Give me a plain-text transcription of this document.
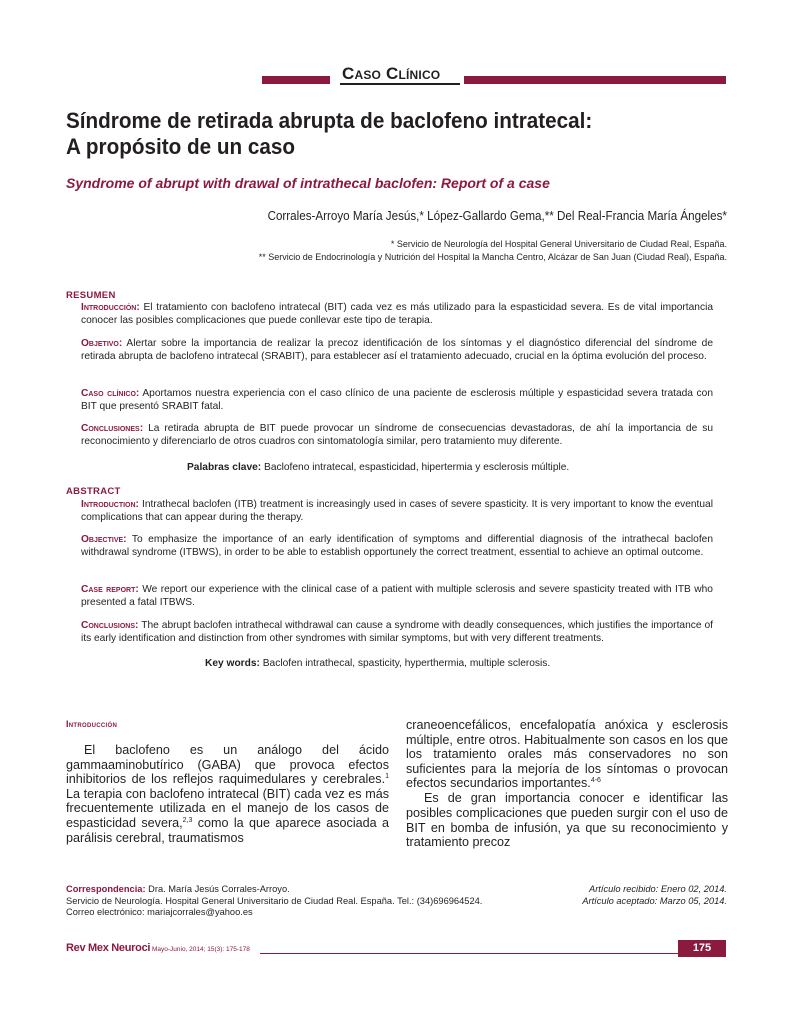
Caso Clínico
Síndrome de retirada abrupta de baclofeno intratecal:
A propósito de un caso
Syndrome of abrupt with drawal of intrathecal baclofen: Report of a case
Corrales-Arroyo María Jesús,* López-Gallardo Gema,** Del Real-Francia María Ángeles*
* Servicio de Neurología del Hospital General Universitario de Ciudad Real, España.
** Servicio de Endocrinología y Nutrición del Hospital la Mancha Centro, Alcázar de San Juan (Ciudad Real), España.
RESUMEN
Introducción: El tratamiento con baclofeno intratecal (BIT) cada vez es más utilizado para la espasticidad severa. Es de vital importancia conocer las posibles complicaciones que puede conllevar este tipo de terapia.
Objetivo: Alertar sobre la importancia de realizar la precoz identificación de los síntomas y el diagnóstico diferencial del síndrome de retirada abrupta de baclofeno intratecal (SRABIT), para establecer así el tratamiento adecuado, crucial en la óptima evolución del proceso.
Caso clínico: Aportamos nuestra experiencia con el caso clínico de una paciente de esclerosis múltiple y espasticidad severa tratada con BIT que presentó SRABIT fatal.
Conclusiones: La retirada abrupta de BIT puede provocar un síndrome de consecuencias devastadoras, de ahí la importancia de su reconocimiento y diferenciarlo de otros cuadros con sintomatología similar, pero tratamiento muy diferente.
Palabras clave: Baclofeno intratecal, espasticidad, hipertermia y esclerosis múltiple.
ABSTRACT
Introduction: Intrathecal baclofen (ITB) treatment is increasingly used in cases of severe spasticity. It is very important to know the eventual complications that can appear during the therapy.
Objective: To emphasize the importance of an early identification of symptoms and differential diagnosis of the intrathecal baclofen withdrawal syndrome (ITBWS), in order to be able to establish opportunely the correct treatment, essential to achieve an optimal outcome.
Case report: We report our experience with the clinical case of a patient with multiple sclerosis and severe spasticity treated with ITB who presented a fatal ITBWS.
Conclusions: The abrupt baclofen intrathecal withdrawal can cause a syndrome with deadly consequences, which justifies the importance of its early identification and distinction from other syndromes with similar symptoms, but with very different treatments.
Key words: Baclofen intrathecal, spasticity, hyperthermia, multiple sclerosis.
Introducción

El baclofeno es un análogo del ácido gammaaminobutírico (GABA) que provoca efectos inhibitorios de los reflejos raquimedulares y cerebrales.$^1$ La terapia con baclofeno intratecal (BIT) cada vez es más frecuentemente utilizada en el manejo de los casos de espasticidad severa,$^{2,3}$ como la que aparece asociada a parálisis cerebral, traumatismos

craneoencefálicos, encefalopatía anóxica y esclerosis múltiple, entre otros. Habitualmente son casos en los que los tratamiento orales más conservadores no son suficientes para la mejoría de los síntomas o provocan efectos secundarios importantes.$^{4-6}$

Es de gran importancia conocer e identificar las posibles complicaciones que pueden surgir con el uso de BIT en bomba de infusión, ya que su reconocimiento y tratamiento precoz

Correspondencia: Dra. María Jesús Corrales-Arroyo.
Servicio de Neurología. Hospital General Universitario de Ciudad Real. España. Tel.: (34)696964524.
Correo electrónico: mariajcorrales@yahoo.es
Artículo recibido: Enero 02, 2014.
Artículo aceptado: Marzo 05, 2014.
Rev Mex Neuroci Mayo-Junio, 2014; 15(3): 175-178	175
